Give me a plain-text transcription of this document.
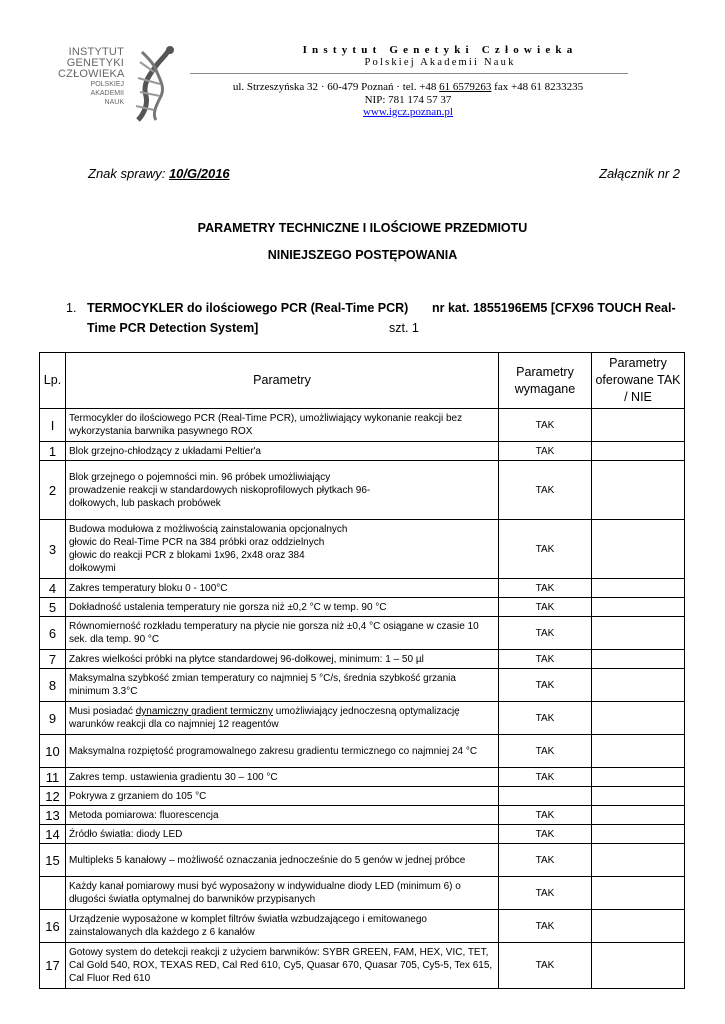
INSTYTUT
GENETYKI
CZŁOWIEKA
POLSKIEJ
AKADEMII
NAUK
Instytut Genetyki Człowieka
Polskiej Akademii Nauk
ul. Strzeszyńska 32 · 60-479 Poznań · tel. +48 61 6579263 fax +48 61 8233235
NIP: 781 174 57 37
www.igcz.poznan.pl
Znak sprawy: 10/G/2016	Załącznik nr 2
PARAMETRY TECHNICZNE I ILOŚCIOWE PRZEDMIOTU
NINIEJSZEGO POSTĘPOWANIA
1. TERMOCYKLER do ilościowego PCR (Real-Time PCR) nr kat. 1855196EM5 [CFX96 TOUCH Real-
Time PCR Detection System]	szt. 1
Lp.	Parametry	Parametry wymagane	Parametry oferowane TAK / NIE
I	Termocykler do ilościowego PCR (Real-Time PCR), umożliwiający wykonanie reakcji bez wykorzystania barwnika pasywnego ROX	TAK	
1	Blok grzejno-chłodzący z układami Peltier'a	TAK	
2	Blok grzejnego o pojemności min. 96 próbek umożliwiający prowadzenie reakcji w standardowych niskoprofilowych płytkach 96-dołkowych, lub paskach probówek	TAK	
3	Budowa modułowa z możliwością zainstalowania opcjonalnych głowic do Real-Time PCR na 384 próbki oraz oddzielnych głowic do reakcji PCR z blokami 1x96, 2x48 oraz 384 dołkowymi	TAK	
4	Zakres temperatury bloku 0 - 100°C	TAK	
5	Dokładność ustalenia temperatury nie gorsza niż ±0,2 °C w temp. 90 °C	TAK	
6	Równomierność rozkładu temperatury na płycie nie gorsza niż ±0,4 °C osiągane w czasie 10 sek. dla temp. 90 °C	TAK	
7	Zakres wielkości próbki na płytce standardowej 96-dołkowej, minimum: 1 – 50 µl	TAK	
8	Maksymalna szybkość zmian temperatury co najmniej 5 °C/s, średnia szybkość grzania minimum 3.3°C	TAK	
9	Musi posiadać dynamiczny gradient termiczny umożliwiający jednoczesną optymalizację warunków reakcji dla co najmniej 12 reagentów	TAK	
10	Maksymalna rozpiętość programowalnego zakresu gradientu termicznego co najmniej 24 °C	TAK	
11	Zakres temp. ustawienia gradientu 30 – 100 °C	TAK	
12	Pokrywa z grzaniem do 105 °C		
13	Metoda pomiarowa: fluorescencja	TAK	
14	Źródło światła: diody LED	TAK	
15	Multipleks 5 kanałowy – możliwość oznaczania jednocześnie do 5 genów w jednej próbce	TAK	
	Każdy kanał pomiarowy musi być wyposażony w indywidualne diody LED (minimum 6) o długości światła optymalnej do barwników przypisanych	TAK	
16	Urządzenie wyposażone w komplet filtrów światła wzbudzającego i emitowanego zainstalowanych dla każdego z 6 kanałów	TAK	
17	Gotowy system do detekcji reakcji z użyciem barwników: SYBR GREEN, FAM, HEX, VIC, TET, Cal Gold 540, ROX, TEXAS RED, Cal Red 610, Cy5, Quasar 670, Quasar 705, Cy5-5, Tex 615, Cal Fluor Red 610	TAK	
